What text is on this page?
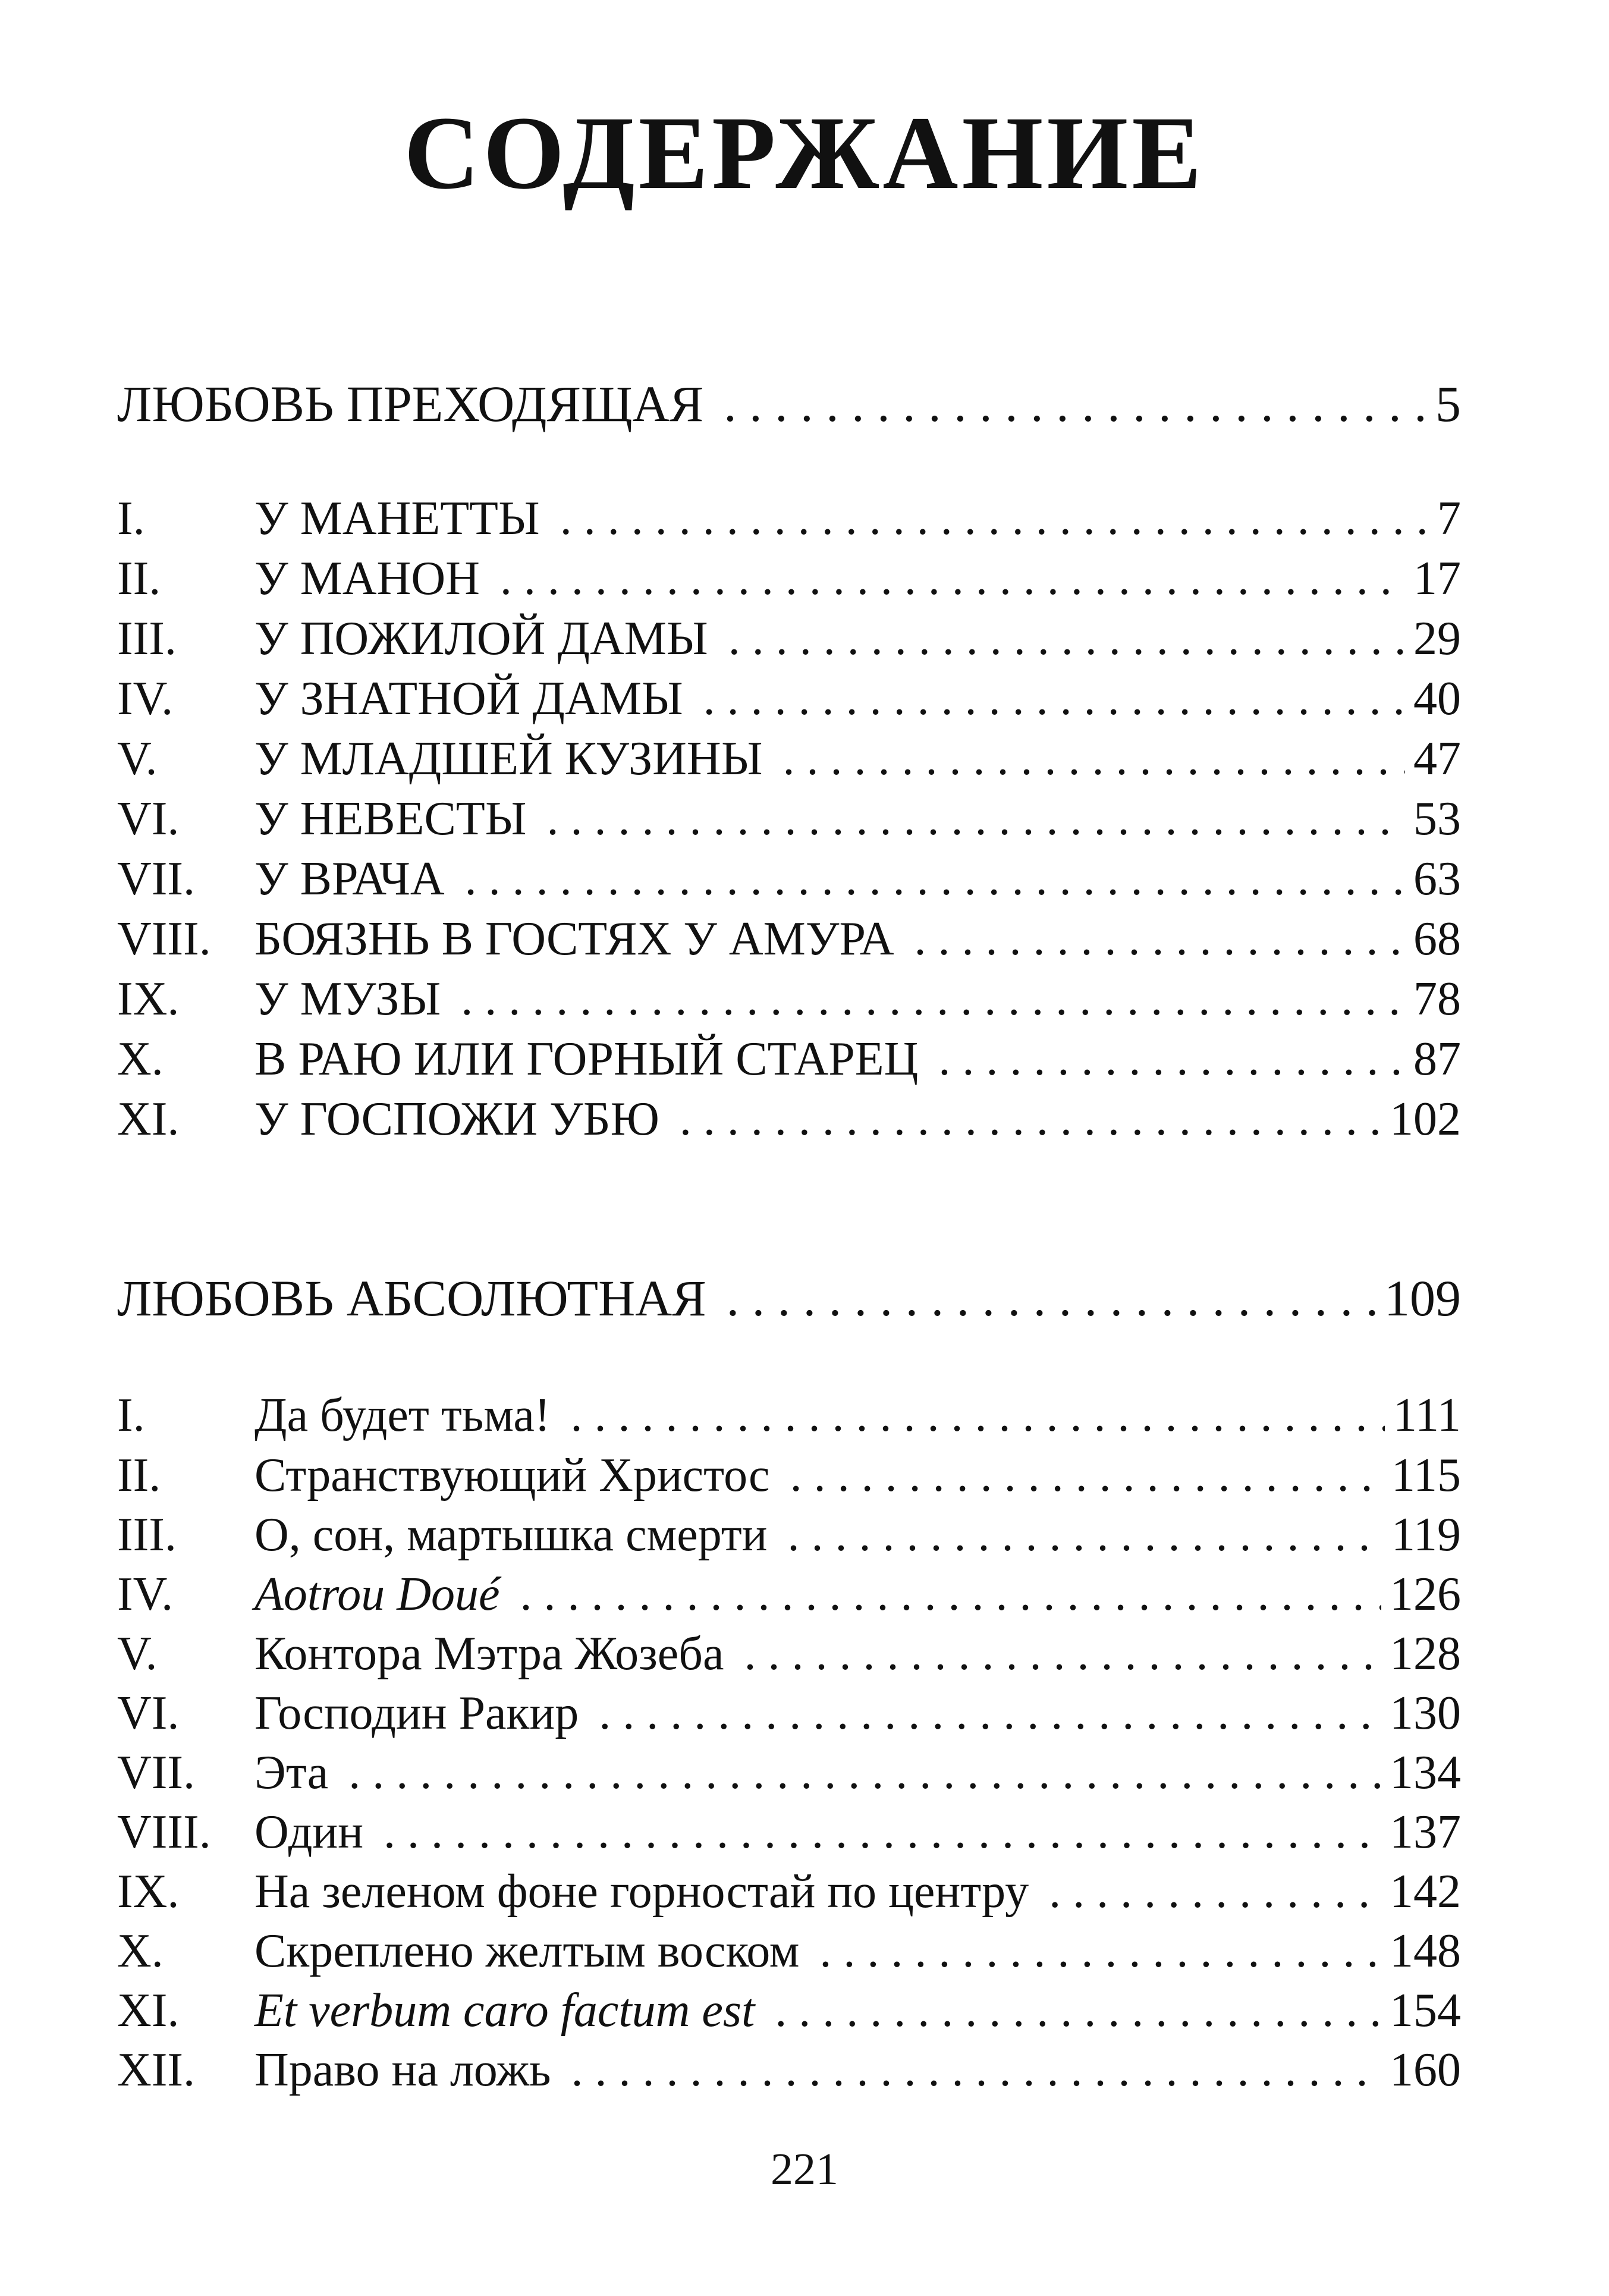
СОДЕРЖАНИЕ
ЛЮБОВЬ ПРЕХОДЯЩАЯ . . .	5
I.	У МАНЕТТЫ . . .	7
II.	У МАНОН . . .	17
III.	У ПОЖИЛОЙ ДАМЫ . . .	29
IV.	У ЗНАТНОЙ ДАМЫ . . .	40
V.	У МЛАДШЕЙ КУЗИНЫ . . .	47
VI.	У НЕВЕСТЫ . . .	53
VII.	У ВРАЧА . . .	63
VIII. БОЯЗНЬ В ГОСТЯХ У АМУРА . . .	68
IX.	У МУЗЫ . . .	78
X.	В РАЮ ИЛИ ГОРНЫЙ СТАРЕЦ . . .	87
XI.	У ГОСПОЖИ УБЮ . . .	102
ЛЮБОВЬ АБСОЛЮТНАЯ . . .	109
I.	Да будет тьма! . . .	111
II.	Странствующий Христос . . .	115
III.	О, сон, мартышка смерти . . .	119
IV.	Aotrou Doué . . .	126
V.	Контора Мэтра Жозеба . . .	128
VI.	Господин Ракир . . .	130
VII.	Эта . . .	134
VIII. Один . . .	137
IX.	На зеленом фоне горностай по центру . . .	142
X.	Скреплено желтым воском . . .	148
XI.	Et verbum caro factum est . . .	154
XII.	Право на ложь . . .	160
221
